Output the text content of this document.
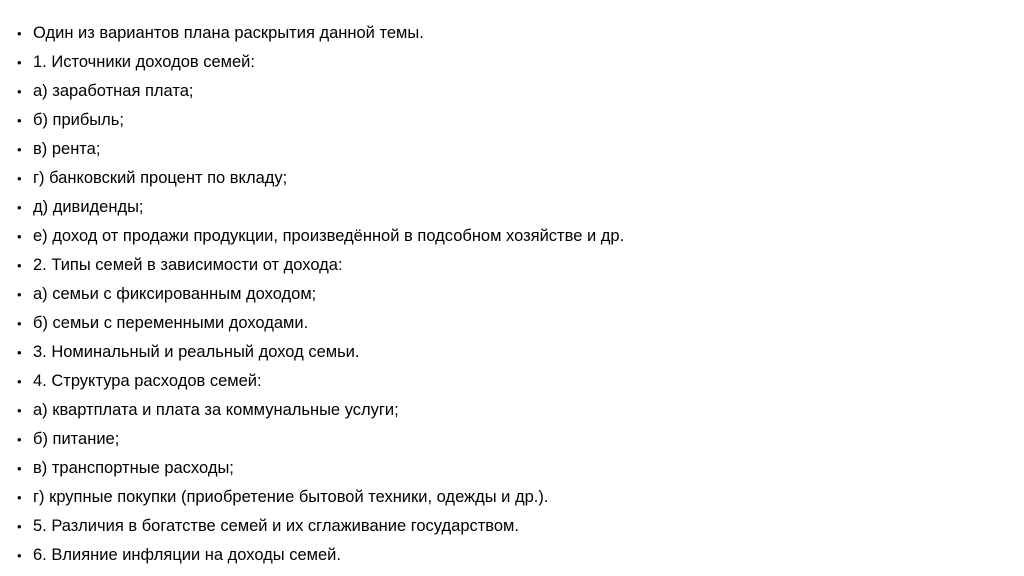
• Один из вариантов плана раскрытия данной темы.
• 1. Источники доходов семей:
• а) заработная плата;
• б) прибыль;
• в) рента;
• г) банковский процент по вкладу;
• д) дивиденды;
• е) доход от продажи продукции, произведённой в подсобном хозяйстве и др.
• 2. Типы семей в зависимости от дохода:
• а) семьи с фиксированным доходом;
• б) семьи с переменными доходами.
• 3. Номинальный и реальный доход семьи.
• 4. Структура расходов семей:
• а) квартплата и плата за коммунальные услуги;
• б) питание;
• в) транспортные расходы;
• г) крупные покупки (приобретение бытовой техники, одежды и др.).
• 5. Различия в богатстве семей и их сглаживание государством.
• 6. Влияние инфляции на доходы семей.
